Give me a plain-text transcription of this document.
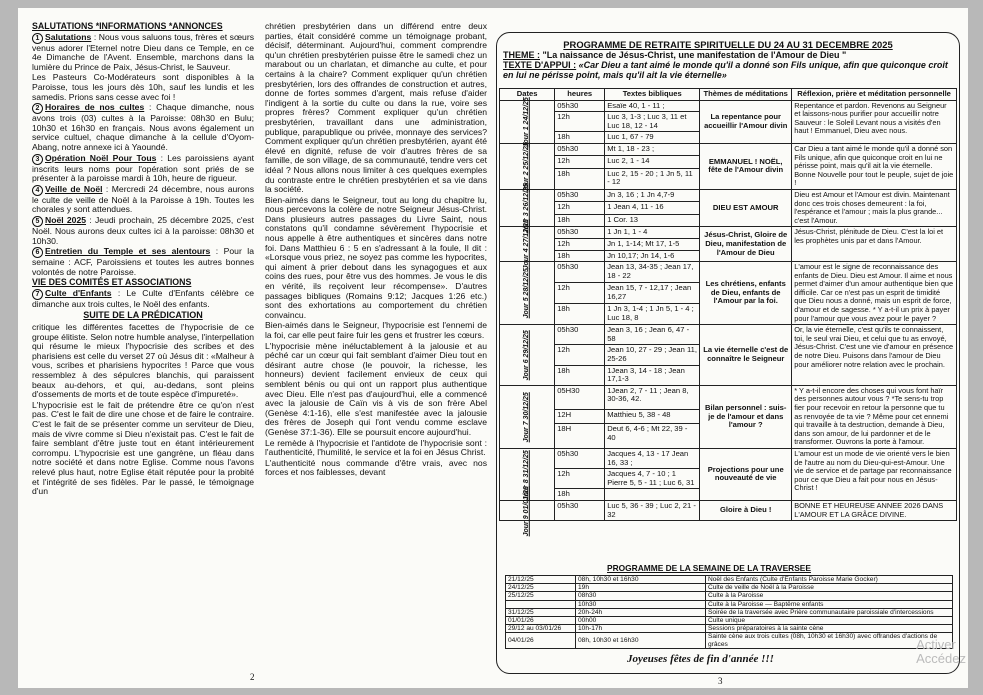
SALUTATIONS *INFORMATIONS *ANNONCES

1 Salutations : Nous vous saluons tous, frères et sœurs venus adorer l'Eternel notre Dieu dans ce Temple, en ce 4e Dimanche de l'Avent. Ensemble, marchons dans la lumière du Prince de Paix, Jésus-Christ, le Sauveur.

Les Pasteurs Co-Modérateurs sont disponibles à la Paroisse, tous les jours dès 10h, sauf les lundis et les samedis. Prions sans cesse avec foi !

2 Horaires de nos cultes : Chaque dimanche, nous avons trois (03) cultes à la Paroisse: 08h30 en Bulu; 10h30 et 16h30 en français. Nous avons également un service cultuel, chaque dimanche à la cellule d'Oyom-Abang, notre annexe ici à Yaoundé.

3 Opération Noël Pour Tous : Les paroissiens ayant inscrits leurs noms pour l'opération sont priés de se présenter à la paroisse mardi à 10h, heure de rigueur.

4 Veille de Noël : Mercredi 24 décembre, nous aurons le culte de veille de Noël à la Paroisse à 19h. Toutes les chorales y sont attendues.

5 Noël 2025 : Jeudi prochain, 25 décembre 2025, c'est Noël. Nous aurons deux cultes ici à la paroisse: 08h30 et 10h30.

6 Entretien du Temple et ses alentours : Pour la semaine : ACF, Paroissiens et toutes les autres bonnes volontés de notre Paroisse.

VIE DES COMITÉS ET ASSOCIATIONS

7 Culte d'Enfants : Le Culte d'Enfants célèbre ce dimanche aux trois cultes, le Noël des enfants.

SUITE DE LA PRÉDICATION

critique les différentes facettes de l'hypocrisie de ce groupe élitiste. Selon notre humble analyse, l'interpellation qui résume le mieux l'hypocrisie des scribes et des pharisiens est celle du verset 27 où Jésus dit : «Malheur à vous, scribes et pharisiens hypocrites ! Parce que vous ressemblez à des sépulcres blanchis, qui paraissent beaux au-dehors, et qui, au-dedans, sont pleins d'ossements de morts et de toute espèce d'impureté».

L'hypocrisie est le fait de prétendre être ce qu'on n'est pas. C'est le fait de dire une chose et de faire le contraire. C'est le fait de se présenter comme un serviteur de Dieu, mais de vivre comme si Dieu n'existait pas. C'est le fait de faire semblant d'être juste tout en étant intérieurement corrompu. L'hypocrisie est une gangrène, un fléau dans notre société et dans notre Eglise. Comme nous l'avons relevé plus haut, notre Eglise était réputée pour la probité et l'intégrité de ses fidèles. Par le passé, le témoignage d'un

chrétien presbytérien dans un différend entre deux parties, était considéré comme un témoignage probant, décisif, déterminant. Aujourd'hui, comment comprendre qu'un chrétien presbytérien puisse être le samedi chez un marabout ou un charlatan, et dimanche au culte, et pour certains à la chaire? Comment expliquer qu'un chrétien presbytérien, lors des offrandes de construction et autres, donne de fortes sommes d'argent, mais refuse d'aider l'indigent à la sortie du culte ou dans la rue, voire ses propres frères? Comment expliquer qu'un chrétien presbytérien, travaillant dans une administration, publique, parapublique ou privée, monnaye des services? Comment expliquer qu'un chrétien presbytérien, ayant été élevé en dignité, refuse de voir d'autres frères de sa famille, de son village, de sa communauté, tendre vers cet idéal ? Nous allons nous limiter à ces quelques exemples du contraste entre le chrétien presbytérien et sa vie dans la société.

Bien-aimés dans le Seigneur, tout au long du chapitre lu, nous percevons la colère de notre Seigneur Jésus-Christ. Dans plusieurs autres passages du Livre Saint, nous constatons qu'il condamne sévèrement l'hypocrisie et nous appelle à être authentiques et sincères dans notre foi. Dans Matthieu 6 : 5 en s'adressant à la foule, Il dit : «Lorsque vous priez, ne soyez pas comme les hypocrites, qui aiment à prier debout dans les synagogues et aux coins des rues, pour être vus des hommes. Je vous le dis en vérité, ils reçoivent leur récompense». D'autres passages bibliques (Romains 9:12; Jacques 1:26 etc.) sont des exhortations au comportement du chrétien convaincu.

Bien-aimés dans le Seigneur, l'hypocrisie est l'ennemi de la foi, car elle peut faire fuir les gens et frustrer les cœurs.

L'hypocrisie mène inéluctablement à la jalousie et au péché car un cœur qui fait semblant d'aimer Dieu tout en désirant autre chose (le pouvoir, la richesse, les honneurs) devient facilement envieux de ceux qui semblent bénis ou qui ont un rapport plus authentique avec Dieu. Elle n'est pas d'aujourd'hui, elle a commencé avec la jalousie de Caïn vis à vis de son frère Abel (Genèse 4:1-16), elle s'est manifestée avec la jalousie des frères de Joseph qui l'ont vendu comme esclave (Genèse 37:1-36). Elle se poursuit encore aujourd'hui.

Le remède à l'hypocrisie et l'antidote de l'hypocrisie sont : l'authenticité, l'humilité, le service et la foi en Jésus Christ.

L'authenticité nous commande d'être vrais, avec nos forces et nos faiblesses, devant

2
PROGRAMME DE RETRAITE SPIRITUELLE DU 24 AU 31 DECEMBRE 2025
THEME : "La naissance de Jésus-Christ, une manifestation de l'Amour de Dieu "
TEXTE D'APPUI : «Car Dieu a tant aimé le monde qu'il a donné son Fils unique, afin que quiconque croit en lui ne périsse point, mais qu'il ait la vie éternelle»
Dates	heures	Textes bibliques	Thèmes de méditations	Réflexion, prière et méditation personnelle
Jour 1 24/12/25	05h30	Esaïe 40, 1 - 11 ;	La repentance pour accueillir l'Amour divin	Repentance et pardon. Revenons au Seigneur et laissons-nous purifier pour accueillir notre Sauveur : le Soleil Levant nous a visités d'en haut ! Emmanuel, Dieu avec nous.
	12h	Luc 3, 1-3 ; Luc 3, 11 et Luc 18, 12 - 14		
	18h	Luc 1, 67 - 79		
Jour 2 25/12/25	05h30	Mt 1, 18 - 23 ;	EMMANUEL ! NOËL, fête de l'Amour divin	Car Dieu a tant aimé le monde qu'il a donné son Fils unique, afin que quiconque croit en lui ne périsse point, mais qu'il ait la vie éternelle. Bonne Nouvelle pour tout le peuple, sujet de joie !
	12h	Luc 2, 1 - 14		
	18h	Luc 2, 15 - 20 ; 1 Jn 5, 11 - 12		
Jour 3 26/12/25	05h30	Jn 3, 16 ; 1 Jn 4,7-9	DIEU EST AMOUR	Dieu est Amour et l'Amour est divin. Maintenant donc ces trois choses demeurent : la foi, l'espérance et l'amour ; mais la plus grande... c'est l'Amour.
	12h	1 Jean 4, 11 - 16		
	18h	1 Cor. 13		
Jour 4 27/12/25	05h30	1 Jn 1, 1 - 4	Jésus-Christ, Gloire de Dieu, manifestation de l'Amour de Dieu	Jésus-Christ, plénitude de Dieu. C'est la loi et les prophètes unis par et dans l'Amour.
	12h	Jn 1, 1-14; Mt 17, 1-5		
	18h	Jn 10,17; Jn 14, 1-6		
Jour 5 28/12/25	05h30	Jean 13, 34-35 ; Jean 17, 18 - 22	Les chrétiens, enfants de Dieu, enfants de l'Amour par la foi.	L'amour est le signe de reconnaissance des enfants de Dieu. Dieu est Amour. Il aime et nous permet d'aimer d'un amour authentique bien que difficile. Car ce n'est pas un esprit de timidité que Dieu nous a donné, mais un esprit de force, d'amour et de sagesse. * Y a-t-il un prix à payer pour l'amour que vous avez pour le payer ?
	12h	Jean 15, 7 - 12,17 ; Jean 16,27		
	18h	1 Jn 3, 1-4 ; 1 Jn 5, 1 - 4 ; Luc 18, 8		
Jour 6 29/12/25	05h30	Jean 3, 16 ; Jean 6, 47 - 58	La vie éternelle c'est de connaître le Seigneur	Or, la vie éternelle, c'est qu'ils te connaissent, toi, le seul vrai Dieu, et celui que tu as envoyé, Jésus-Christ. C'est une vie d'amour en présence de notre Dieu. Puisons dans l'amour de Dieu pour améliorer notre relation avec le prochain.
	12h	Jean 10, 27 - 29 ; Jean 11, 25-26		
	18h	1Jean 3, 14 - 18 ; Jean 17,1-3		
Jour 7 30/12/25	05H30	1Jean 2, 7 - 11 ; Jean 8, 30-36, 42.	Bilan personnel : suis-je de l'amour et dans l'amour ?	* Y a-t-il encore des choses qui vous font haïr des personnes autour vous ? *Te sens-tu trop fier pour recevoir en retour la personne que tu as renvoyée de ta vie ? Même pour cet ennemi qui travaille à ta destruction, demande à Dieu, dans son amour, de lui pardonner et de le transformer. Ouvrons la porte à l'amour.
	12H	Matthieu 5, 38 - 48		
	18H	Deut 6, 4-6 ; Mt 22, 39 - 40		
Jour 8 31/12/25	05h30	Jacques 4, 13 - 17 Jean 16, 33 ;	Projections pour une nouveauté de vie	L'amour est un mode de vie orienté vers le bien de l'autre au nom du Dieu-qui-est-Amour. Une vie de service et de partage par reconnaissance pour ce que Dieu a fait pour nous en Jésus-Christ !
	12h	Jacques 4, 7 - 10 ; 1 Pierre 5, 5 - 11 ; Luc 6, 31		
	18h			
Jour 9 01/01/26	05h30	Luc 5, 36 - 39 ; Luc 2, 21 - 32	Gloire à Dieu !	BONNE ET HEUREUSE ANNEE 2026 DANS L'AMOUR ET LA GRÂCE DIVINE.
PROGRAMME DE LA SEMAINE DE LA TRAVERSEE
21/12/25	08h, 10h30 et 16h30	Noël des Enfants (Culte d'Enfants Paroisse Marie Gocker)
24/12/25	19h	Culte de veille de Noël à la Paroisse
25/12/25	08h30	Culte à la Paroisse
	10h30	Culte à la Paroisse — Baptême enfants
31/12/25	20h-24h	Soirée de la traversée avec Prière communautaire paroissiale d'intercessions
01/01/26	00h00	Culte unique
29/12 au 03/01/26	10h-17h	Sessions préparatoires à la sainte cène
04/01/26	08h, 10h30 et 16h30	Sainte cène aux trois cultes (08h, 10h30 et 16h30) avec offrandes d'actions de grâces
Joyeuses fêtes de fin d'année !!!
3
Activer
Accédez
